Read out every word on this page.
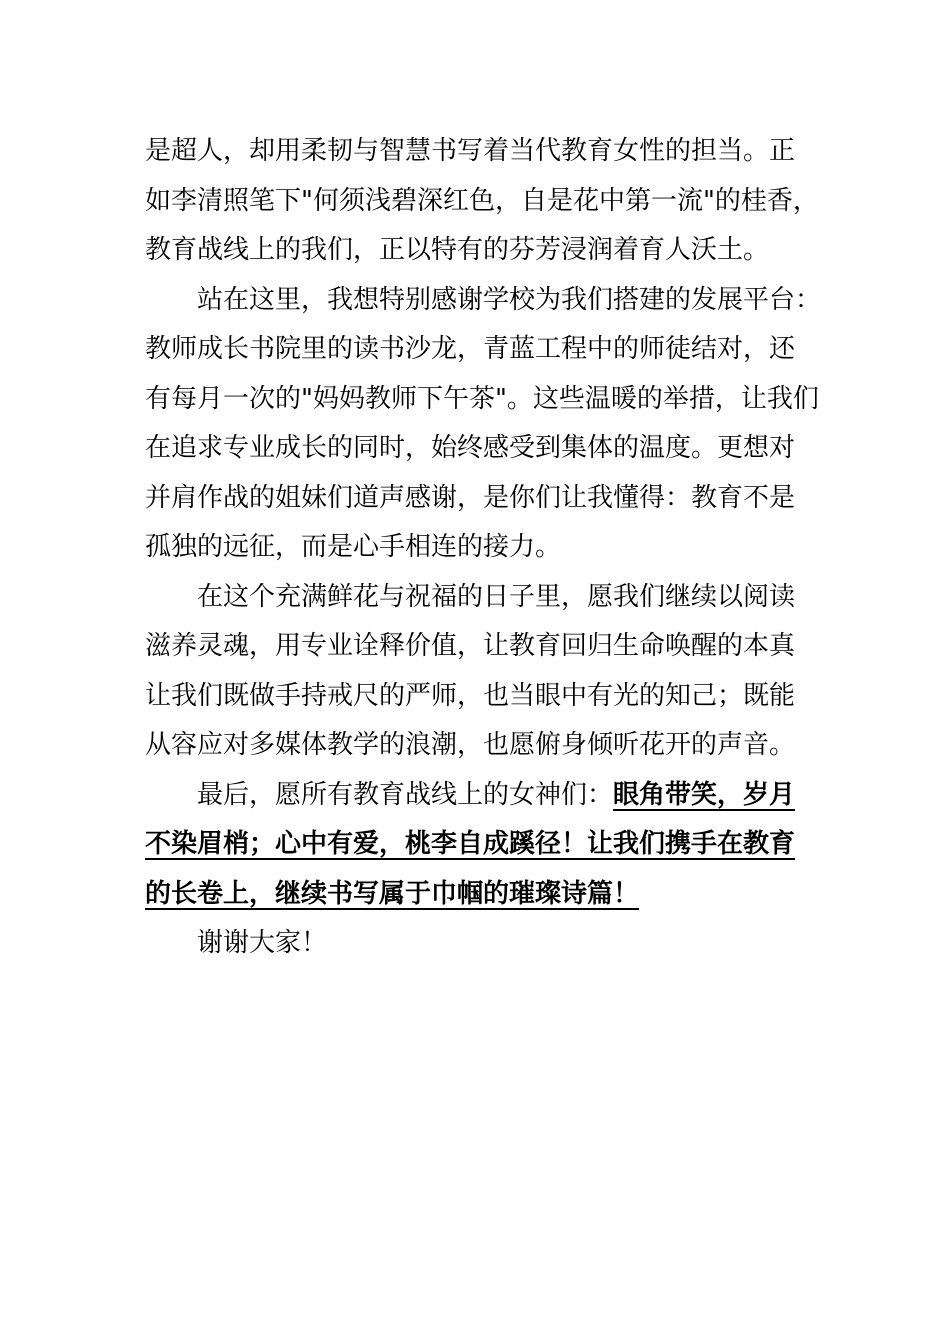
是超人，却用柔韧与智慧书写着当代教育女性的担当。正
如李清照笔下"何须浅碧深红色，自是花中第一流"的桂香，
教育战线上的我们，正以特有的芬芳浸润着育人沃土。
站在这里，我想特别感谢学校为我们搭建的发展平台：
教师成长书院里的读书沙龙，青蓝工程中的师徒结对，还
有每月一次的"妈妈教师下午茶"。这些温暖的举措，让我们
在追求专业成长的同时，始终感受到集体的温度。更想对
并肩作战的姐妹们道声感谢，是你们让我懂得：教育不是
孤独的远征，而是心手相连的接力。
在这个充满鲜花与祝福的日子里，愿我们继续以阅读
滋养灵魂，用专业诠释价值，让教育回归生命唤醒的本真
让我们既做手持戒尺的严师，也当眼中有光的知己；既能
从容应对多媒体教学的浪潮，也愿俯身倾听花开的声音。
最后，愿所有教育战线上的女神们：眼角带笑，岁月
不染眉梢；心中有爱，桃李自成蹊径！让我们携手在教育
的长卷上，继续书写属于巾帼的璀璨诗篇！
谢谢大家！
